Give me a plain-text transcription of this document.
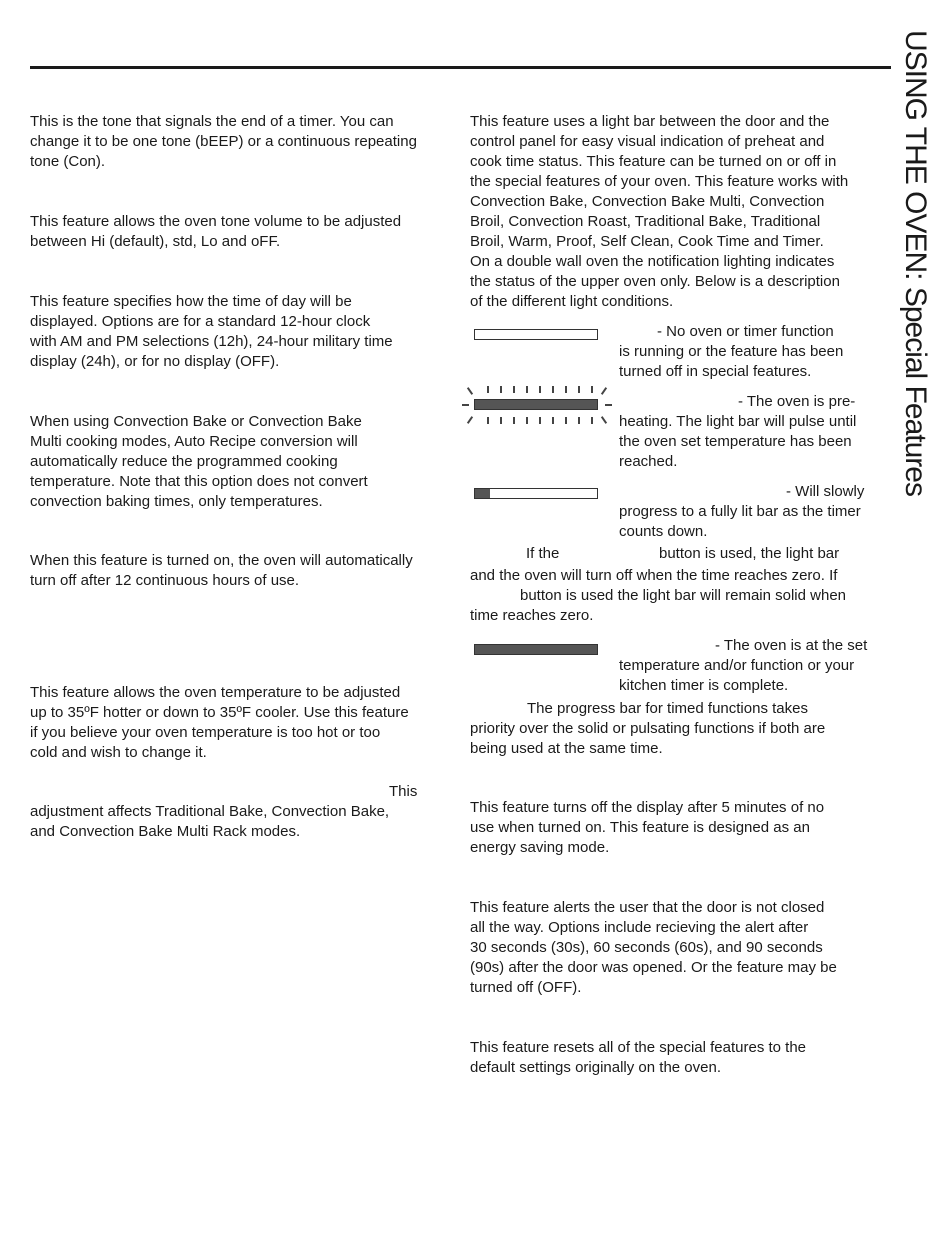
USING THE OVEN: Special Features
This is the tone that signals the end of a timer. You can
change it to be one tone (bEEP) or a continuous repeating
tone (Con).
This feature allows the oven tone volume to be adjusted
between Hi (default), std, Lo and oFF.
This feature specifies how the time of day will be
displayed. Options are for a standard 12-hour clock
with AM and PM selections (12h), 24-hour military time
display (24h), or for no display (OFF).
When using Convection Bake or Convection Bake
Multi cooking modes, Auto Recipe conversion will
automatically reduce the programmed cooking
temperature. Note that this option does not convert
convection baking times, only temperatures.
When this feature is turned on, the oven will automatically
turn off after 12 continuous hours of use.
This feature allows the oven temperature to be adjusted
up to 35ºF hotter or down to 35ºF cooler. Use this feature
if you believe your oven temperature is too hot or too
cold and wish to change it.
This
adjustment affects Traditional Bake, Convection Bake,
and Convection Bake Multi Rack modes.
This feature uses a light bar between the door and the
control panel for easy visual indication of preheat and
cook time status. This feature can be turned on or off in
the special features of your oven. This feature works with
Convection Bake, Convection Bake Multi, Convection
Broil, Convection Roast, Traditional Bake, Traditional
Broil, Warm, Proof, Self Clean, Cook Time and Timer.
On a double wall oven the notification lighting indicates
the status of the upper oven only. Below is a description
of the different light conditions.
- No oven or timer function
is running or the feature has been
turned off in special features.
- The oven is pre-
heating. The light bar will pulse until
the oven set temperature has been
reached.
- Will slowly
progress to a fully lit bar as the timer
counts down.
If the	button is used, the light bar
and the oven will turn off when the time reaches zero. If
button is used the light bar will remain solid when
time reaches zero.
- The oven is at the set
temperature and/or function or your
kitchen timer is complete.
The progress bar for timed functions takes
priority over the solid or pulsating functions if both are
being used at the same time.
This feature turns off the display after 5 minutes of no
use when turned on. This feature is designed as an
energy saving mode.
This feature alerts the user that the door is not closed
all the way. Options include recieving the alert after
30 seconds (30s), 60 seconds (60s), and 90 seconds
(90s) after the door was opened. Or the feature may be
turned off (OFF).
This feature resets all of the special features to the
default settings originally on the oven.
